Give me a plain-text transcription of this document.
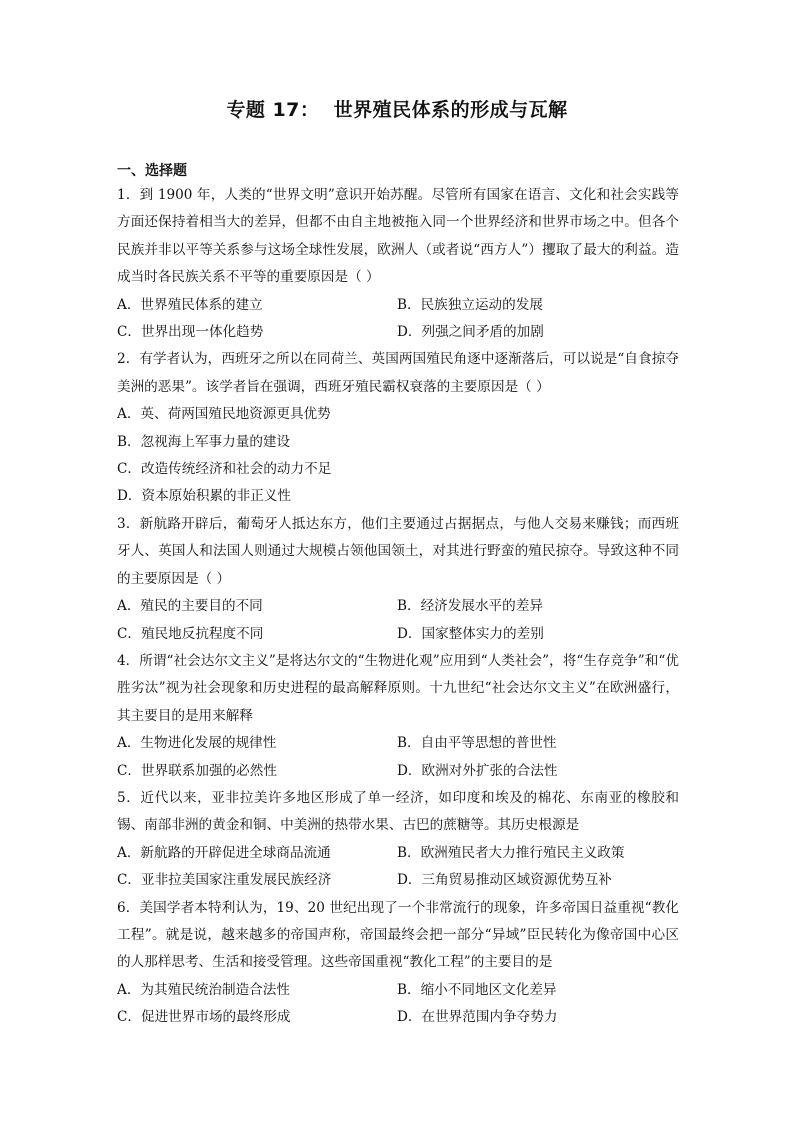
专题 17：  世界殖民体系的形成与瓦解
一、选择题

1．到 1900 年，人类的“世界文明”意识开始苏醒。尽管所有国家在语言、文化和社会实践等方面还保持着相当大的差异，但都不由自主地被拖入同一个世界经济和世界市场之中。但各个民族并非以平等关系参与这场全球性发展，欧洲人（或者说“西方人”）攫取了最大的利益。造成当时各民族关系不平等的重要原因是（ ）

A．世界殖民体系的建立	B．民族独立运动的发展
C．世界出现一体化趋势	D．列强之间矛盾的加剧

2．有学者认为，西班牙之所以在同荷兰、英国两国殖民角逐中逐渐落后，可以说是“自食掠夺美洲的恶果”。该学者旨在强调，西班牙殖民霸权衰落的主要原因是（ ）

A．英、荷两国殖民地资源更具优势
B．忽视海上军事力量的建设
C．改造传统经济和社会的动力不足
D．资本原始积累的非正义性

3．新航路开辟后，葡萄牙人抵达东方，他们主要通过占据据点，与他人交易来赚钱；而西班牙人、英国人和法国人则通过大规模占领他国领土，对其进行野蛮的殖民掠夺。导致这种不同的主要原因是（ ）

A．殖民的主要目的不同	B．经济发展水平的差异
C．殖民地反抗程度不同	D．国家整体实力的差别

4．所谓“社会达尔文主义”是将达尔文的“生物进化观”应用到“人类社会”，将“生存竞争”和“优胜劣汰”视为社会现象和历史进程的最高解释原则。十九世纪“社会达尔文主义”在欧洲盛行，其主要目的是用来解释

A．生物进化发展的规律性	B．自由平等思想的普世性
C．世界联系加强的必然性	D．欧洲对外扩张的合法性

5．近代以来，亚非拉美许多地区形成了单一经济，如印度和埃及的棉花、东南亚的橡胶和锡、南部非洲的黄金和铜、中美洲的热带水果、古巴的蔗糖等。其历史根源是

A．新航路的开辟促进全球商品流通	B．欧洲殖民者大力推行殖民主义政策
C．亚非拉美国家注重发展民族经济	D．三角贸易推动区域资源优势互补

6．美国学者本特利认为，19、20 世纪出现了一个非常流行的现象，许多帝国日益重视“教化工程”。就是说，越来越多的帝国声称，帝国最终会把一部分“异域”臣民转化为像帝国中心区的人那样思考、生活和接受管理。这些帝国重视“教化工程”的主要目的是

A．为其殖民统治制造合法性	B．缩小不同地区文化差异
C．促进世界市场的最终形成	D．在世界范围内争夺势力
